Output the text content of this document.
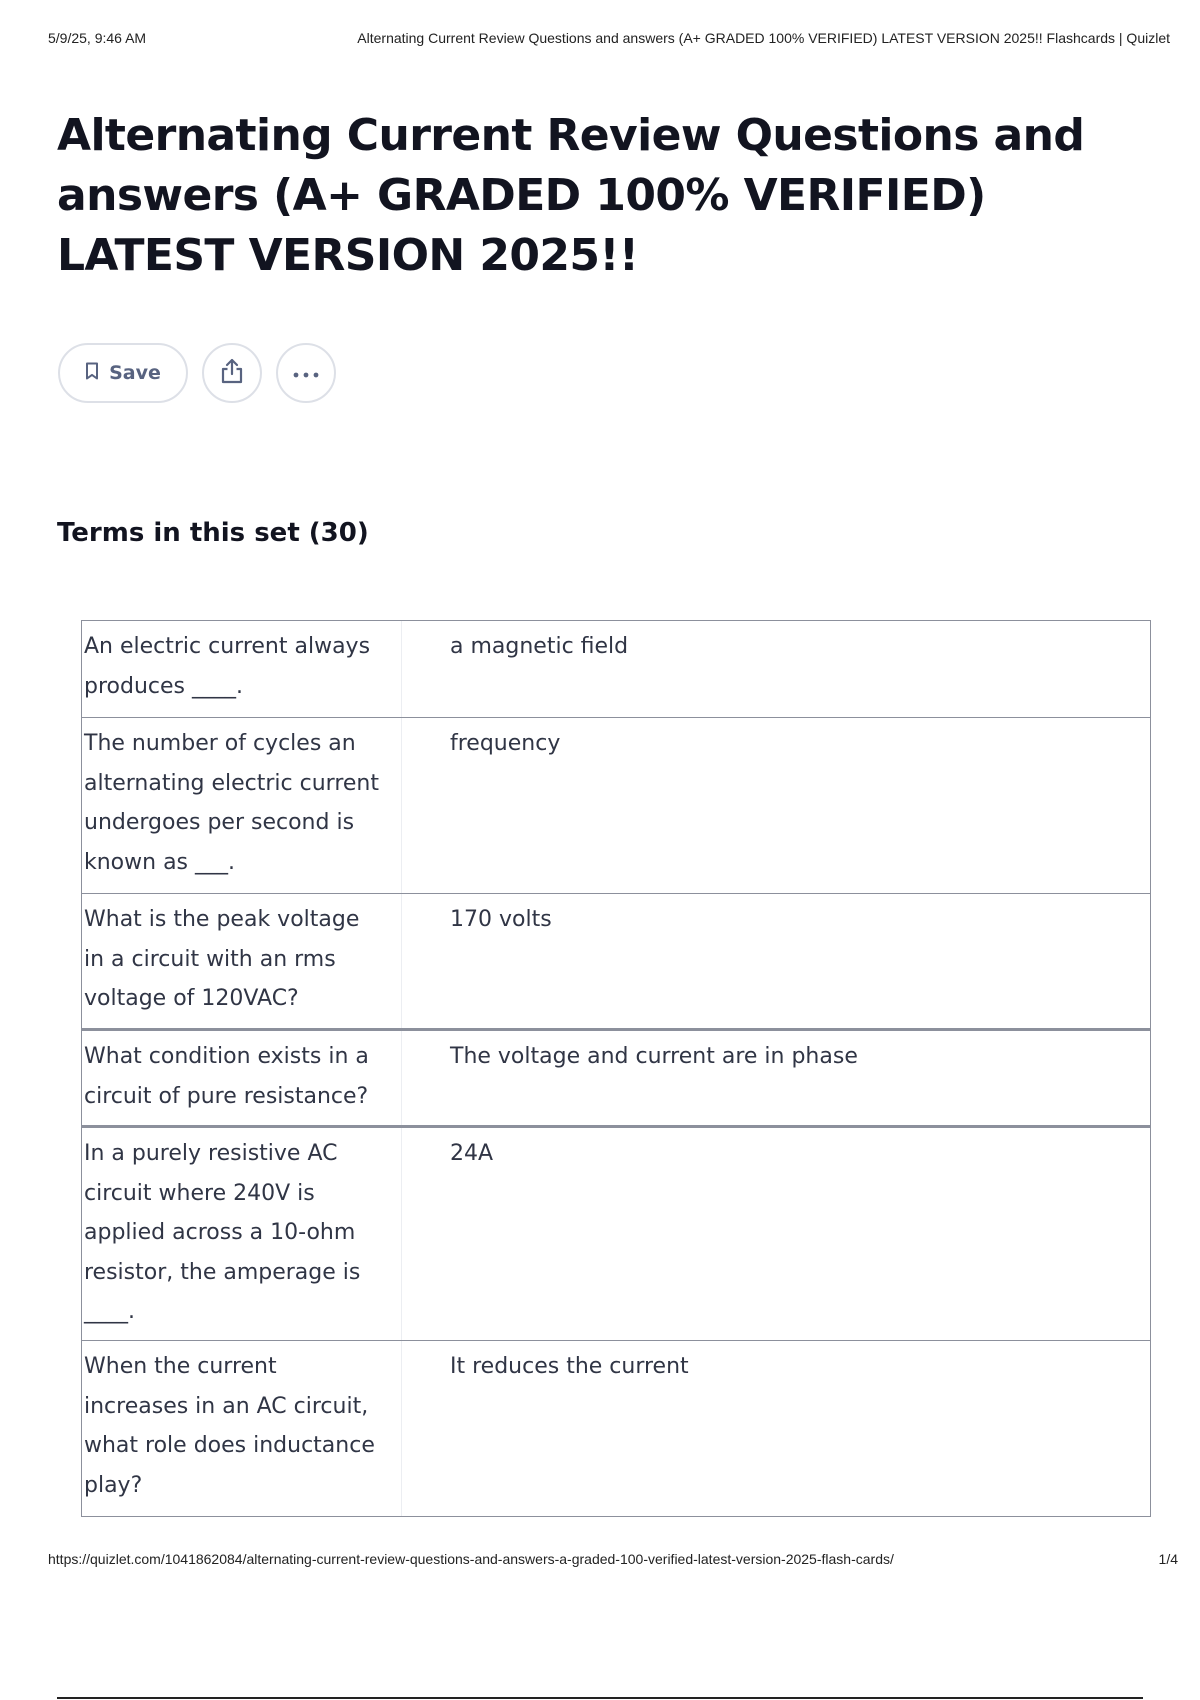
5/9/25, 9:46 AM	Alternating Current Review Questions and answers (A+ GRADED 100% VERIFIED) LATEST VERSION 2025!! Flashcards | Quizlet
Alternating Current Review Questions and answers (A+ GRADED 100% VERIFIED) LATEST VERSION 2025!!
Save
Terms in this set (30)
An electric current always produces ____.
a magnetic field
The number of cycles an alternating electric current undergoes per second is known as ___.
frequency
What is the peak voltage in a circuit with an rms voltage of 120VAC?
170 volts
What condition exists in a circuit of pure resistance?
The voltage and current are in phase
In a purely resistive AC circuit where 240V is applied across a 10-ohm resistor, the amperage is ____.
24A
When the current increases in an AC circuit, what role does inductance play?
It reduces the current
https://quizlet.com/1041862084/alternating-current-review-questions-and-answers-a-graded-100-verified-latest-version-2025-flash-cards/	1/4
